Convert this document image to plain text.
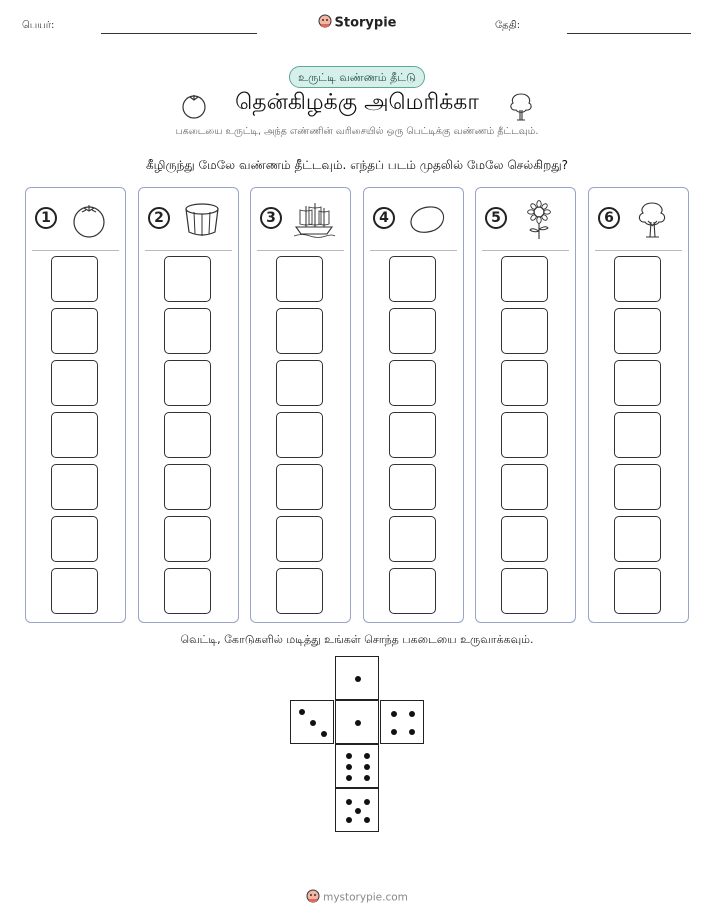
பெயர்:	Storypie	தேதி:
உருட்டி வண்ணம் தீட்டு
தென்கிழக்கு அமெரிக்கா
பகடையை உருட்டி, அந்த எண்ணின் வரிசையில் ஒரு பெட்டிக்கு வண்ணம் தீட்டவும்.
கீழிருந்து மேலே வண்ணம் தீட்டவும். எந்தப் படம் முதலில் மேலே செல்கிறது?
1	2	3	4	5	6
வெட்டி, கோடுகளில் மடித்து உங்கள் சொந்த பகடையை உருவாக்கவும்.
mystorypie.com
